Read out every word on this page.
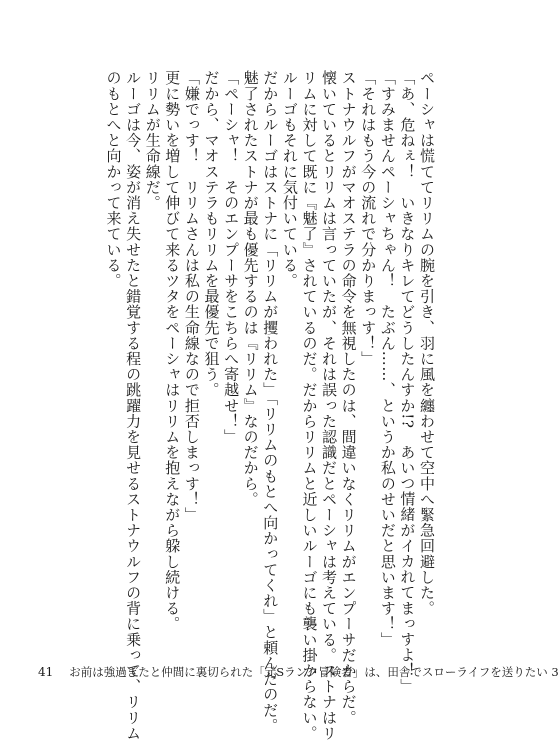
ペーシャは慌ててリリムの腕を引き、羽に風を纏わせて空中へ緊急回避した。
「あ、危ねぇ！　いきなりキレてどうしたんすか!?　あいつ情緒がイカれてまっすよ！」
「すみませんペーシャちゃん！　たぶん……、というか私のせいだと思います！」
「それはもう今の流れで分かりまっす！」
ストナウルフがマオステラの命令を無視したのは、間違いなくリリムがエンプーサだからだ。
懐いているとリリムは言っていたが、それは誤った認識だとペーシャは考えている。ストナはリ
リムに対して既に『魅了』されているのだ。だからリリムと近しいルーゴにも襲い掛からない。
ルーゴもそれに気付いている。
だからルーゴはストナに「リリムが攫われた」「リリムのもとへ向かってくれ」と頼んだのだ。
魅了されたストナが最も優先するのは『リリム』なのだから。
「ペーシャ！　そのエンプーサをこちらへ寄越せ！」
だから、マオステラもリリムを最優先で狙う。
「嫌でっす！　リリムさんは私の生命線なので拒否しまっす！」
更に勢いを増して伸びて来るツタをペーシャはリリムを抱えながら躱し続ける。
リリムが生命線だ。
ルーゴは今、姿が消え失せたと錯覚する程の跳躍力を見せるストナウルフの背に乗って、リリム
のもとへと向かって来ている。
41 お前は強過ぎたと仲間に裏切られた「元Sランク冒険者」は、田舎でスローライフを送りたい 3
